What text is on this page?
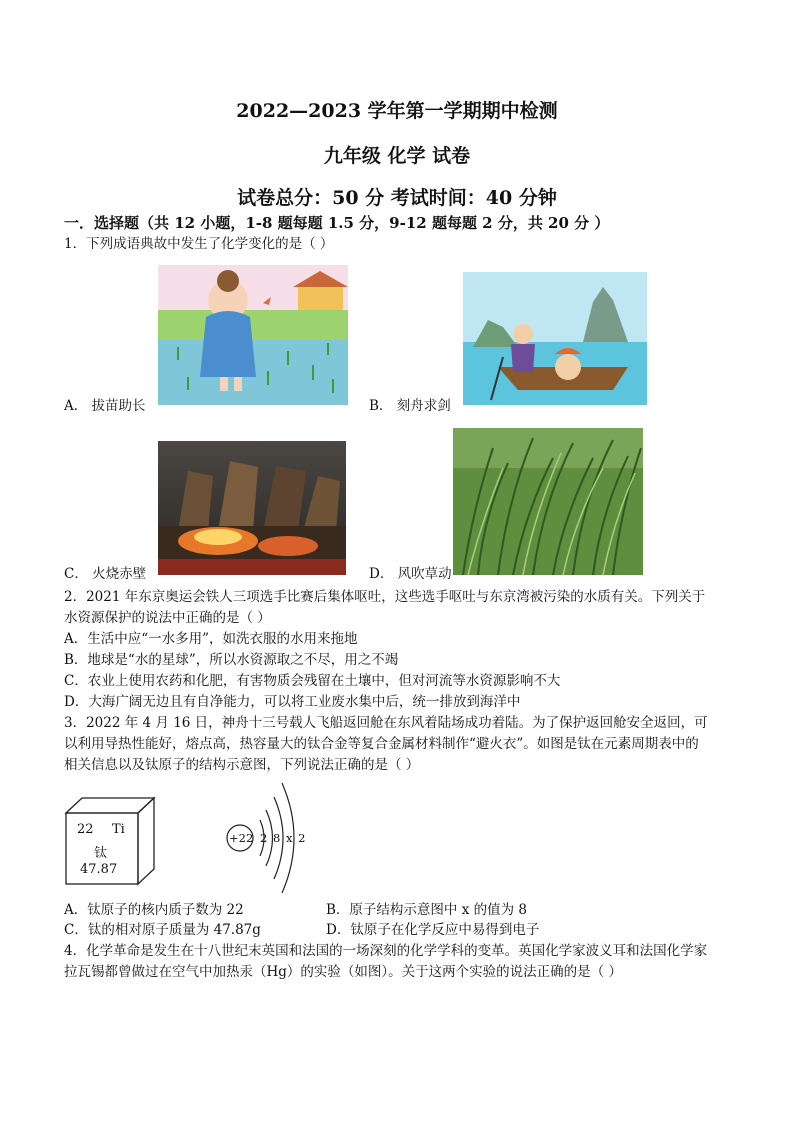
2022—2023 学年第一学期期中检测
九年级 化学 试卷
试卷总分：50 分 考试时间：40 分钟
一．选择题（共 12 小题，1-8 题每题 1.5 分，9-12 题每题 2 分，共 20 分 ）
1．下列成语典故中发生了化学变化的是（ ）
A． 拔苗助长	B． 刻舟求剑
C． 火烧赤壁	D． 风吹草动
2．2021 年东京奥运会铁人三项选手比赛后集体呕吐，这些选手呕吐与东京湾被污染的水质有关。下列关于
水资源保护的说法中正确的是（ ）
A．生活中应“一水多用”，如洗衣服的水用来拖地
B．地球是“水的星球”，所以水资源取之不尽，用之不竭
C．农业上使用农药和化肥，有害物质会残留在土壤中，但对河流等水资源影响不大
D．大海广阔无边且有自净能力，可以将工业废水集中后，统一排放到海洋中
3．2022 年 4 月 16 日，神舟十三号载人飞船返回舱在东风着陆场成功着陆。为了保护返回舱安全返回，可
以利用导热性能好，熔点高，热容量大的钛合金等复合金属材料制作“避火衣”。如图是钛在元素周期表中的
相关信息以及钛原子的结构示意图，下列说法正确的是（ ）
22 Ti
钛
47.87
+22 2 8 x 2
A．钛原子的核内质子数为 22	B．原子结构示意图中 x 的值为 8
C．钛的相对原子质量为 47.87g	D．钛原子在化学反应中易得到电子
4．化学革命是发生在十八世纪末英国和法国的一场深刻的化学学科的变革。英国化学家波义耳和法国化学家
拉瓦锡都曾做过在空气中加热汞（Hg）的实验（如图）。关于这两个实验的说法正确的是（ ）
